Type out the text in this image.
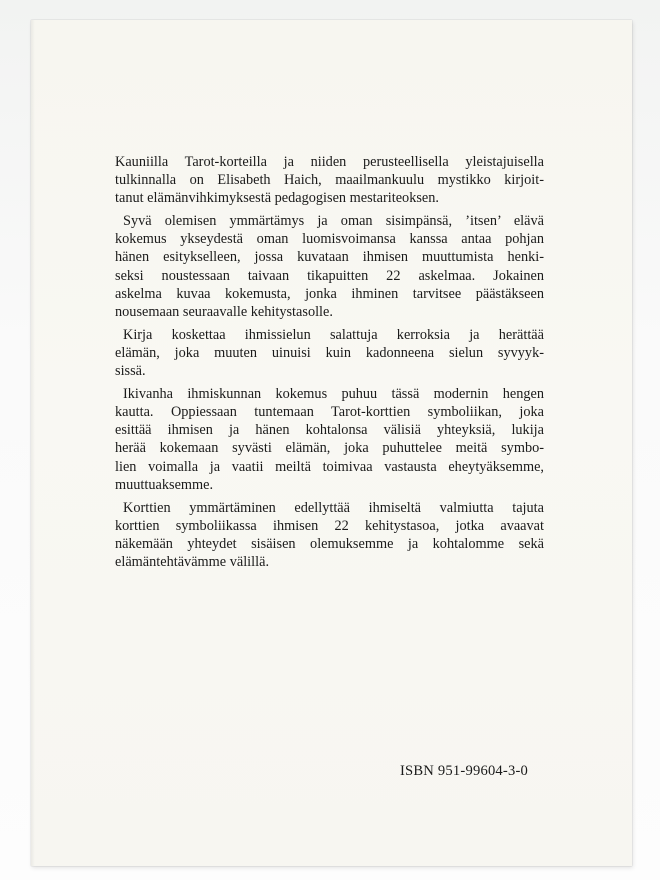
Kauniilla Tarot-korteilla ja niiden perusteellisella yleistajuisella
tulkinnalla on Elisabeth Haich, maailmankuulu mystikko kirjoit-
tanut elämänvihkimyksestä pedagogisen mestariteoksen.

Syvä olemisen ymmärtämys ja oman sisimpänsä, ’itsen’ elävä
kokemus ykseydestä oman luomisvoimansa kanssa antaa pohjan
hänen esitykselleen, jossa kuvataan ihmisen muuttumista henki-
seksi noustessaan taivaan tikapuitten 22 askelmaa. Jokainen
askelma kuvaa kokemusta, jonka ihminen tarvitsee päästäkseen
nousemaan seuraavalle kehitystasolle.

Kirja koskettaa ihmissielun salattuja kerroksia ja herättää
elämän, joka muuten uinuisi kuin kadonneena sielun syvyyk-
sissä.

Ikivanha ihmiskunnan kokemus puhuu tässä modernin hengen
kautta. Oppiessaan tuntemaan Tarot-korttien symboliikan, joka
esittää ihmisen ja hänen kohtalonsa välisiä yhteyksiä, lukija
herää kokemaan syvästi elämän, joka puhuttelee meitä symbo-
lien voimalla ja vaatii meiltä toimivaa vastausta eheytyäksemme,
muuttuaksemme.

Korttien ymmärtäminen edellyttää ihmiseltä valmiutta tajuta
korttien symboliikassa ihmisen 22 kehitystasoa, jotka avaavat
näkemään yhteydet sisäisen olemuksemme ja kohtalomme sekä
elämäntehtävämme välillä.

ISBN 951-99604-3-0
